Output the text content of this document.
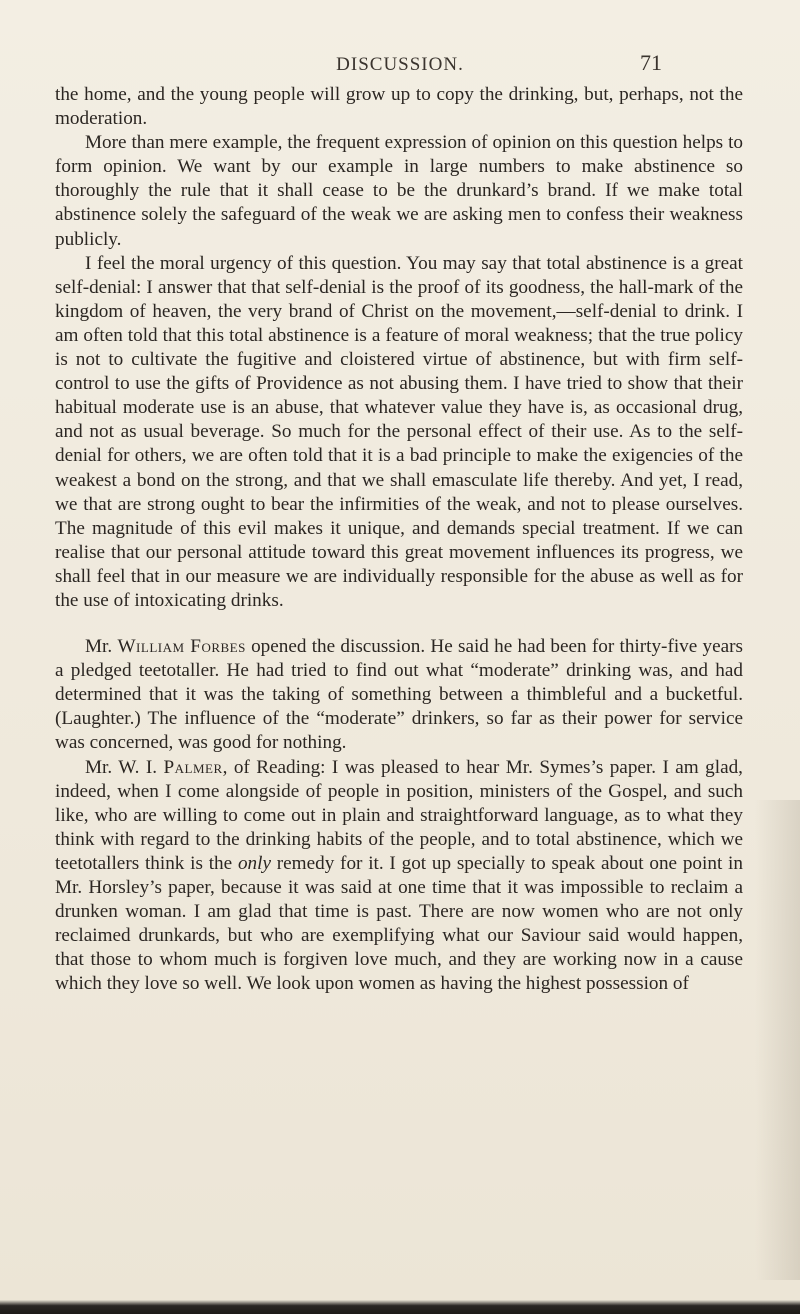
DISCUSSION.	71

the home, and the young people will grow up to copy the drinking, but, perhaps, not the moderation.

More than mere example, the frequent expression of opinion on this question helps to form opinion. We want by our example in large numbers to make abstinence so thoroughly the rule that it shall cease to be the drunkard’s brand. If we make total abstinence solely the safeguard of the weak we are asking men to confess their weakness publicly.

I feel the moral urgency of this question. You may say that total abstinence is a great self-denial: I answer that that self-denial is the proof of its goodness, the hall-mark of the kingdom of heaven, the very brand of Christ on the movement,—self-denial to drink. I am often told that this total abstinence is a feature of moral weakness; that the true policy is not to cultivate the fugitive and cloistered virtue of abstinence, but with firm self-control to use the gifts of Providence as not abusing them. I have tried to show that their habitual moderate use is an abuse, that whatever value they have is, as occasional drug, and not as usual beverage. So much for the personal effect of their use. As to the self-denial for others, we are often told that it is a bad principle to make the exigencies of the weakest a bond on the strong, and that we shall emasculate life thereby. And yet, I read, we that are strong ought to bear the infirmities of the weak, and not to please ourselves. The magnitude of this evil makes it unique, and demands special treatment. If we can realise that our personal attitude toward this great movement influences its progress, we shall feel that in our measure we are individually responsible for the abuse as well as for the use of intoxicating drinks.

Mr. William Forbes opened the discussion. He said he had been for thirty-five years a pledged teetotaller. He had tried to find out what “moderate” drinking was, and had determined that it was the taking of something between a thimbleful and a bucketful. (Laughter.) The influence of the “moderate” drinkers, so far as their power for service was concerned, was good for nothing.

Mr. W. I. Palmer, of Reading: I was pleased to hear Mr. Symes’s paper. I am glad, indeed, when I come alongside of people in position, ministers of the Gospel, and such like, who are willing to come out in plain and straightforward language, as to what they think with regard to the drinking habits of the people, and to total abstinence, which we teetotallers think is the only remedy for it. I got up specially to speak about one point in Mr. Horsley’s paper, because it was said at one time that it was impossible to reclaim a drunken woman. I am glad that time is past. There are now women who are not only reclaimed drunkards, but who are exemplifying what our Saviour said would happen, that those to whom much is forgiven love much, and they are working now in a cause which they love so well. We look upon women as having the highest possession of
